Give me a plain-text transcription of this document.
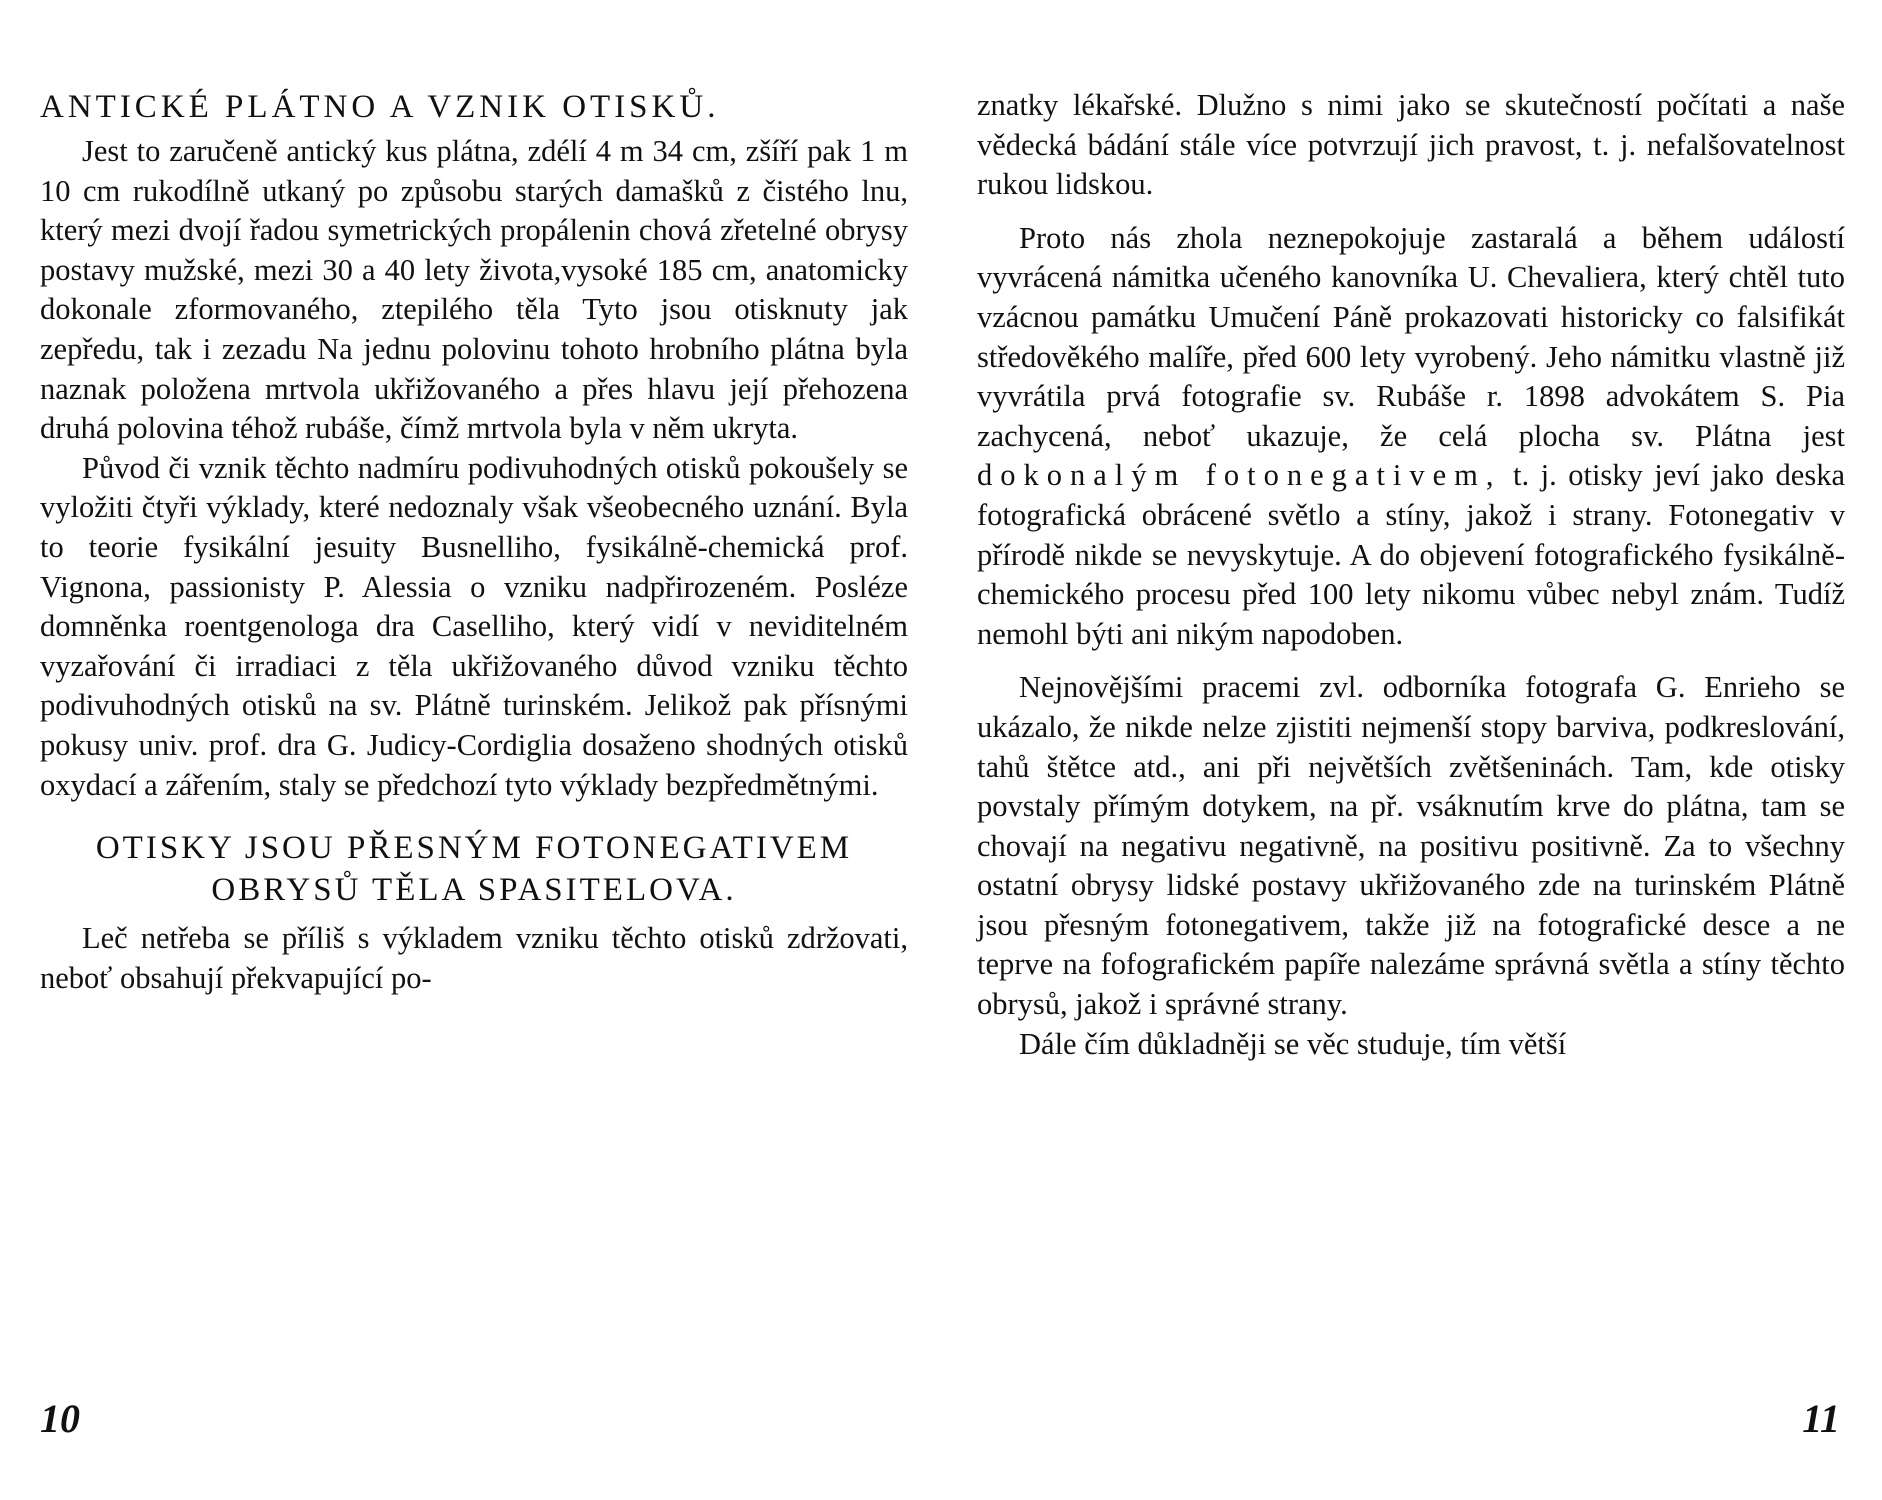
ANTICKÉ PLÁTNO A VZNIK OTISKŮ.

Jest to zaručeně antický kus plátna, zdélí 4 m 34 cm, zšíří pak 1 m 10 cm rukodílně utkaný po způsobu starých damašků z čistého lnu, který mezi dvojí řadou symetrických propálenin chová zřetelné obrysy postavy mužské, mezi 30 a 40 lety života,vysoké 185 cm, anatomicky dokonale zformovaného, ztepilého těla Tyto jsou otisknuty jak zepředu, tak i zezadu Na jednu polovinu tohoto hrobního plátna byla naznak položena mrtvola ukřižovaného a přes hlavu její přehozena druhá polovina téhož rubáše, čímž mrtvola byla v něm ukryta.

Původ či vznik těchto nadmíru podivuhodných otisků pokoušely se vyložiti čtyři výklady, které nedoznaly však všeobecného uznání. Byla to teorie fysikální jesuity Busnelliho, fysikálně-chemická prof. Vignona, passionisty P. Alessia o vzniku nadpřirozeném. Posléze domněnka roentgenologa dra Caselliho, který vidí v neviditelném vyzařování či irradiaci z těla ukřižovaného důvod vzniku těchto podivuhodných otisků na sv. Plátně turinském. Jelikož pak přísnými pokusy univ. prof. dra G. Judicy-Cordiglia dosaženo shodných otisků oxydací a zářením, staly se předchozí tyto výklady bezpředmětnými.

OTISKY JSOU PŘESNÝM FOTONEGATIVEM
OBRYSŮ TĚLA SPASITELOVA.

Leč netřeba se příliš s výkladem vzniku těchto otisků zdržovati, neboť obsahují překvapující po-

10

znatky lékařské. Dlužno s nimi jako se skutečností počítati a naše vědecká bádání stále více potvrzují jich pravost, t. j. nefalšovatelnost rukou lidskou.

Proto nás zhola neznepokojuje zastaralá a během událostí vyvrácená námitka učeného kanovníka U. Chevaliera, který chtěl tuto vzácnou památku Umučení Páně prokazovati historicky co falsifikát středověkého malíře, před 600 lety vyrobený. Jeho námitku vlastně již vyvrátila prvá fotografie sv. Rubáše r. 1898 advokátem S. Pia zachycená, neboť ukazuje, že celá plocha sv. Plátna jest dokonalým fotonegativem, t. j. otisky jeví jako deska fotografická obrácené světlo a stíny, jakož i strany. Fotonegativ v přírodě nikde se nevyskytuje. A do objevení fotografického fysikálně-chemického procesu před 100 lety nikomu vůbec nebyl znám. Tudíž nemohl býti ani nikým napodoben.

Nejnovějšími pracemi zvl. odborníka fotografa G. Enrieho se ukázalo, že nikde nelze zjistiti nejmenší stopy barviva, podkreslování, tahů štětce atd., ani při největších zvětšeninách. Tam, kde otisky povstaly přímým dotykem, na př. vsáknutím krve do plátna, tam se chovají na negativu negativně, na positivu positivně. Za to všechny ostatní obrysy lidské postavy ukřižovaného zde na turinském Plátně jsou přesným fotonegativem, takže již na fotografické desce a ne teprve na fofografickém papíře nalezáme správná světla a stíny těchto obrysů, jakož i správné strany.

Dále čím důkladněji se věc studuje, tím větší

11
